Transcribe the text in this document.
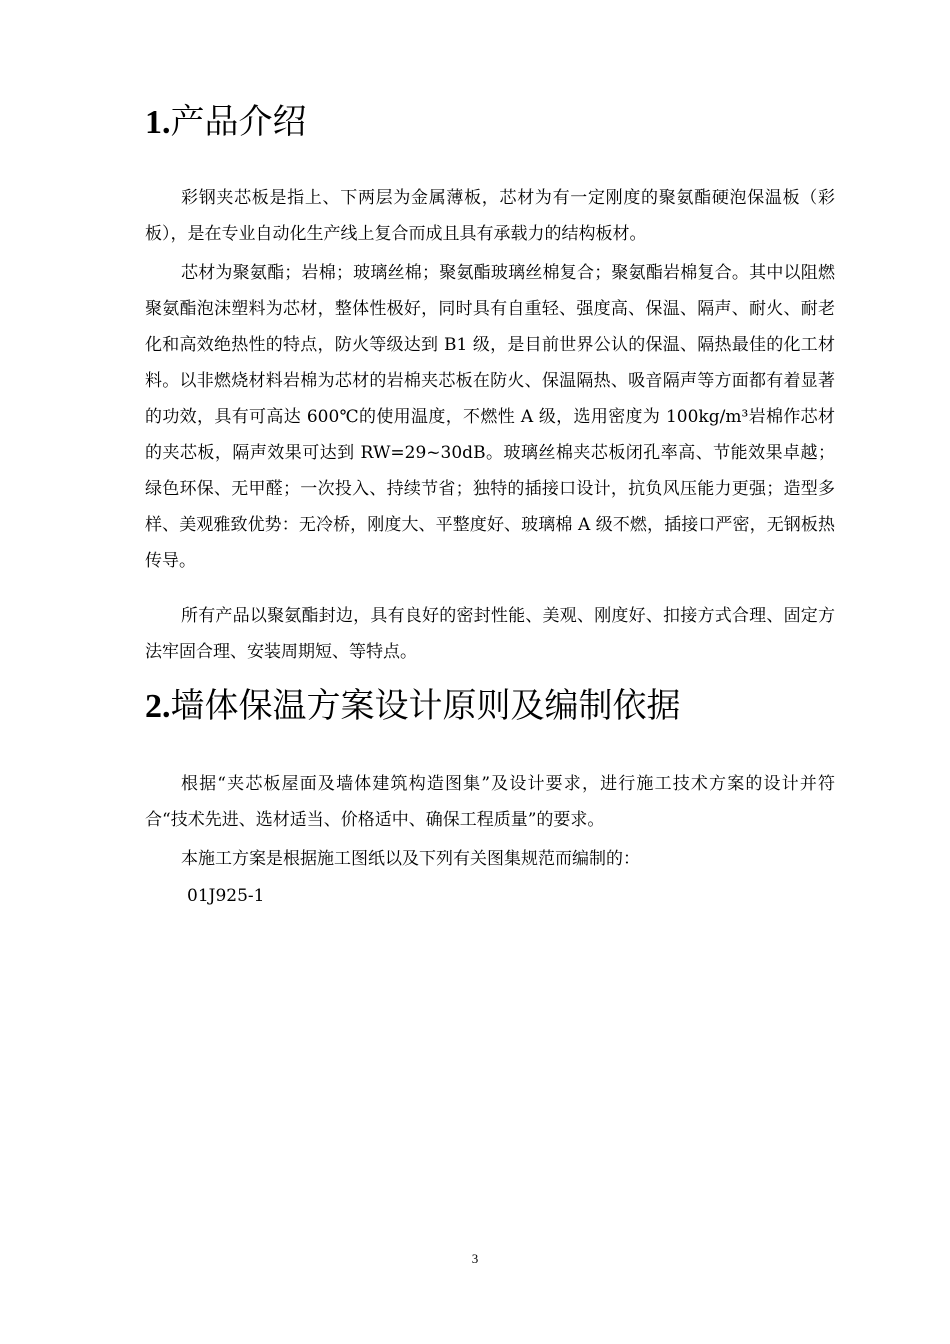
1.产品介绍

彩钢夹芯板是指上、下两层为金属薄板，芯材为有一定刚度的聚氨酯硬泡保温板（彩板），是在专业自动化生产线上复合而成且具有承载力的结构板材。

芯材为聚氨酯；岩棉；玻璃丝棉；聚氨酯玻璃丝棉复合；聚氨酯岩棉复合。其中以阻燃聚氨酯泡沫塑料为芯材，整体性极好，同时具有自重轻、强度高、保温、隔声、耐火、耐老化和高效绝热性的特点，防火等级达到 B1 级，是目前世界公认的保温、隔热最佳的化工材料。以非燃烧材料岩棉为芯材的岩棉夹芯板在防火、保温隔热、吸音隔声等方面都有着显著的功效，具有可高达 600℃的使用温度，不燃性 A 级，选用密度为 100kg/m³岩棉作芯材的夹芯板，隔声效果可达到 RW=29~30dB。玻璃丝棉夹芯板闭孔率高、节能效果卓越；绿色环保、无甲醛；一次投入、持续节省；独特的插接口设计，抗负风压能力更强；造型多样、美观雅致优势：无冷桥，刚度大、平整度好、玻璃棉 A 级不燃，插接口严密，无钢板热传导。

所有产品以聚氨酯封边，具有良好的密封性能、美观、刚度好、扣接方式合理、固定方法牢固合理、安装周期短、等特点。

2.墙体保温方案设计原则及编制依据

根据“夹芯板屋面及墙体建筑构造图集”及设计要求，进行施工技术方案的设计并符合“技术先进、选材适当、价格适中、确保工程质量”的要求。

本施工方案是根据施工图纸以及下列有关图集规范而编制的：

01J925-1

3
